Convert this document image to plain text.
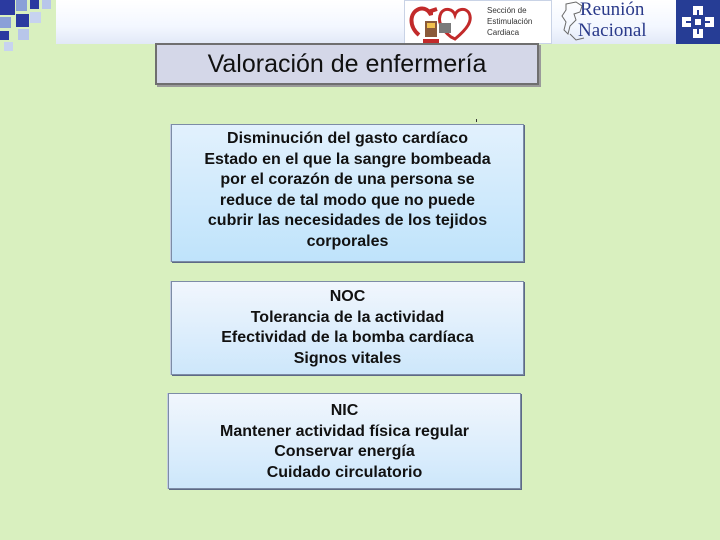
Sección de
Estimulación
Cardiaca
Reunión
Nacional
Valoración de enfermería
Disminución del gasto cardíaco
Estado en el que la sangre bombeada
por el corazón de una persona se
reduce de tal modo que no puede
cubrir las necesidades de los tejidos
corporales
NOC
Tolerancia de la actividad
Efectividad de la bomba cardíaca
Signos vitales
NIC
Mantener actividad física regular
Conservar energía
Cuidado circulatorio
